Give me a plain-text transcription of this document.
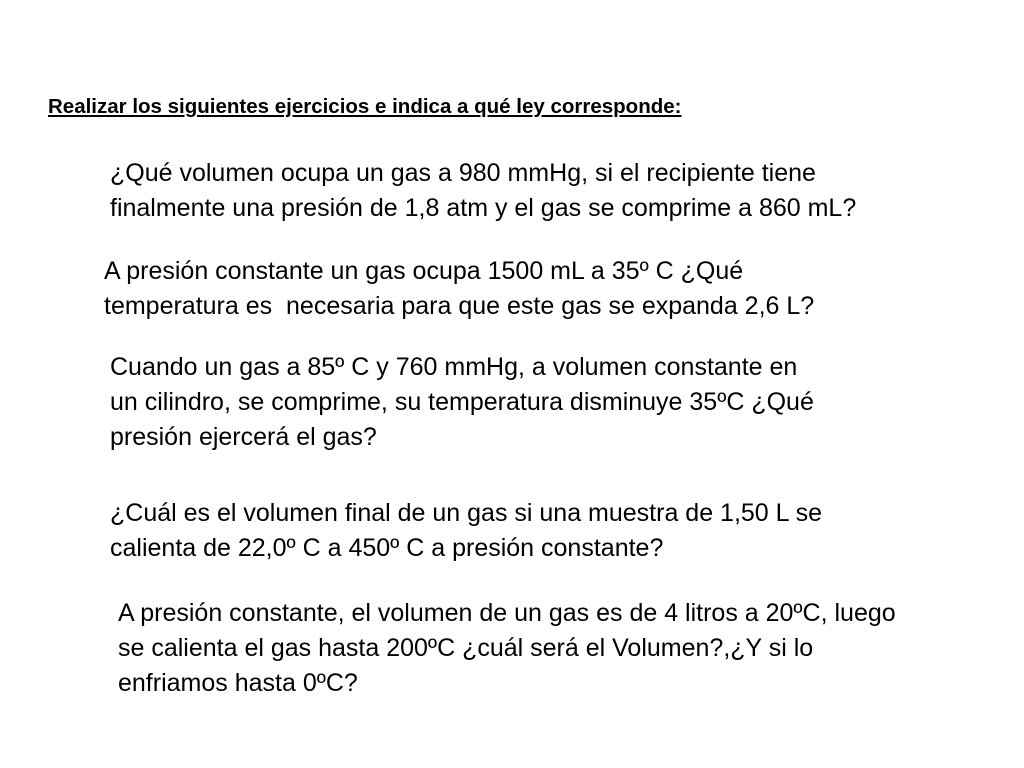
Realizar los siguientes ejercicios e indica a qué ley corresponde:
¿Qué volumen ocupa un gas a 980 mmHg, si el recipiente tiene
finalmente una presión de 1,8 atm y el gas se comprime a 860 mL?
A presión constante un gas ocupa 1500 mL a 35º C ¿Qué
temperatura es  necesaria para que este gas se expanda 2,6 L?
Cuando un gas a 85º C y 760 mmHg, a volumen constante en
un cilindro, se comprime, su temperatura disminuye 35ºC ¿Qué
presión ejercerá el gas?
¿Cuál es el volumen final de un gas si una muestra de 1,50 L se
calienta de 22,0º C a 450º C a presión constante?
A presión constante, el volumen de un gas es de 4 litros a 20ºC, luego
se calienta el gas hasta 200ºC ¿cuál será el Volumen?,¿Y si lo
enfriamos hasta 0ºC?
